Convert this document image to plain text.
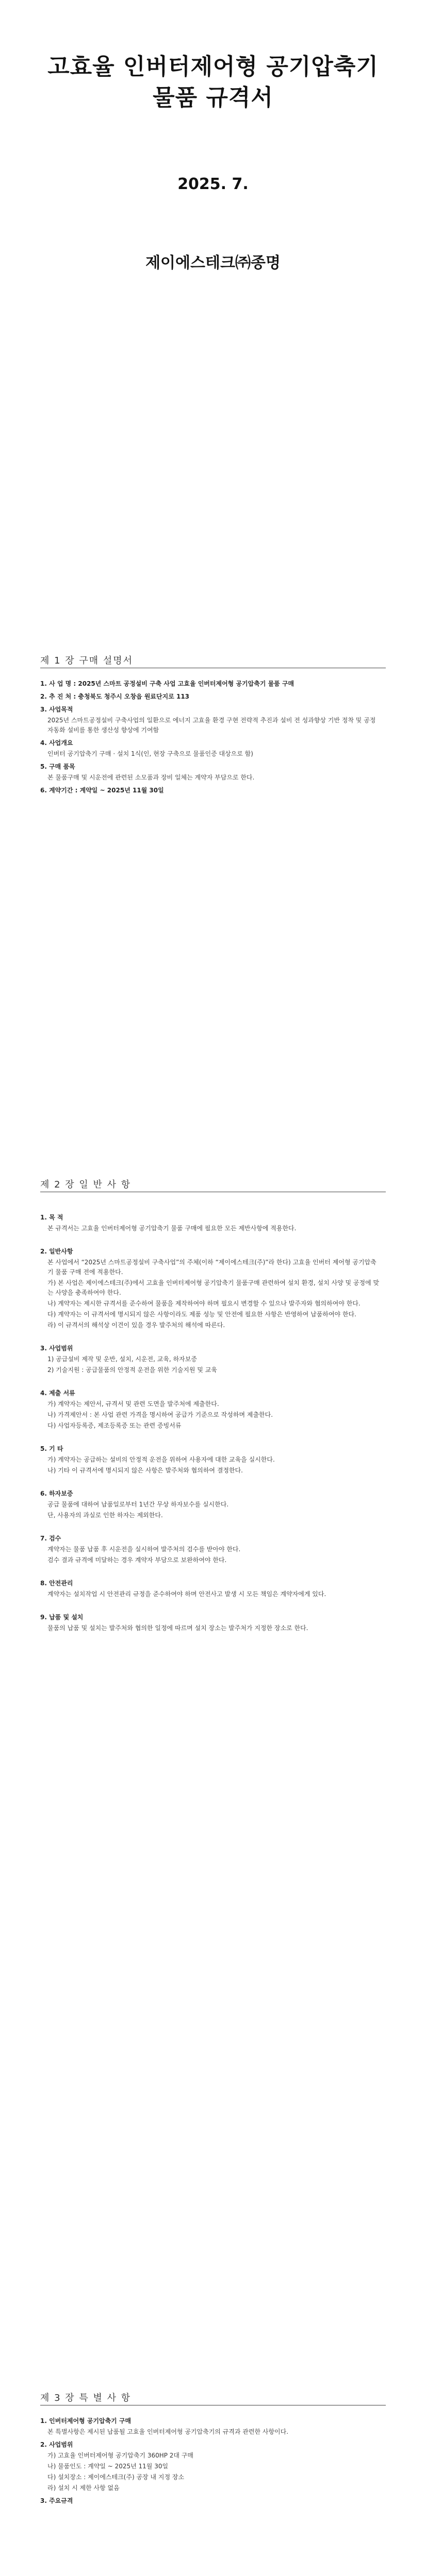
고효율 인버터제어형 공기압축기
물품 규격서
2025. 7.
제이에스테크㈜종명
제 1 장 구매 설명서

1. 사 업 명 : 2025년 스마트 공정설비 구축 사업 고효율 인버터제어형 공기압축기 물품 구매

2. 추 진 처 : 충청북도 청주시 오창읍 원료단지로 113

3. 사업목적

2025년 스마트공정설비 구축사업의 일환으로 에너지 고효율 환경 구현 전략적 추진과 설비 전 성과향상 기반 정착 및 공정 자동화 설비를 통한 생산성 향상에 기여함

4. 사업개요

인버터 공기압축기 구매 · 설치 1식(인, 현장 구축으로 물품인증 대상으로 함)

5. 구매 품목

본 물품구매 및 시운전에 관련된 소모품과 장비 일체는 계약자 부담으로 한다.

6. 계약기간 : 계약일 ~ 2025년 11월 30일

제 2 장 일 반 사 항

1. 목 적

본 규격서는 고효율 인버터제어형 공기압축기 물품 구매에 필요한 모든 제반사항에 적용한다.

2. 일반사항

본 사업에서 “2025년 스마트공정설비 구축사업”의 주체(이하 “제이에스테크(주)”라 한다) 고효율 인버터 제어형 공기압축기 물품 구매 전에 적용한다.

가) 본 사업은 제이에스테크(주)에서 고효율 인버터제어형 공기압축기 물품구매 관련하여 설치 환경, 설치 사양 및 공정에 맞는 사양을 충족하여야 한다.

나) 계약자는 제시한 규격서를 준수하여 물품을 제작하여야 하며 필요시 변경할 수 있으나 발주자와 협의하여야 한다.

다) 계약자는 이 규격서에 명시되지 않은 사항이라도 제품 성능 및 안전에 필요한 사항은 반영하여 납품하여야 한다.

라) 이 규격서의 해석상 이견이 있을 경우 발주처의 해석에 따른다.

3. 사업범위

1) 공급설비 제작 및 운반, 설치, 시운전, 교육, 하자보증

2) 기술지원 : 공급물품의 안정적 운전을 위한 기술지원 및 교육

4. 제출 서류

가) 계약자는 제안서, 규격서 및 관련 도면을 발주처에 제출한다.

나) 가격제안서 : 본 사업 관련 가격을 명시하여 공급가 기준으로 작성하며 제출한다.

다) 사업자등록증, 제조등록증 또는 관련 증빙서류

5. 기 타

가) 계약자는 공급하는 설비의 안정적 운전을 위하여 사용자에 대한 교육을 실시한다.

나) 기타 이 규격서에 명시되지 않은 사항은 발주처와 협의하여 결정한다.

6. 하자보증

공급 물품에 대하여 납품일로부터 1년간 무상 하자보수를 실시한다.

단, 사용자의 과실로 인한 하자는 제외한다.

7. 검수

계약자는 물품 납품 후 시운전을 실시하여 발주처의 검수를 받아야 한다.

검수 결과 규격에 미달하는 경우 계약자 부담으로 보완하여야 한다.

8. 안전관리

계약자는 설치작업 시 안전관리 규정을 준수하여야 하며 안전사고 발생 시 모든 책임은 계약자에게 있다.

9. 납품 및 설치

물품의 납품 및 설치는 발주처와 협의한 일정에 따르며 설치 장소는 발주처가 지정한 장소로 한다.

제 3 장 특 별 사 항

1. 인버터제어형 공기압축기 구매

본 특별사항은 제시된 납품될 고효율 인버터제어형 공기압축기의 규격과 관련한 사항이다.

2. 사업범위

가) 고효율 인버터제어형 공기압축기 360HP 2대 구매

나) 물품인도 : 계약일 ~ 2025년 11월 30일

다) 설치장소 : 제이에스테크(주) 공장 내 지정 장소

라) 설치 시 제한 사항 없음

3. 주요규격
